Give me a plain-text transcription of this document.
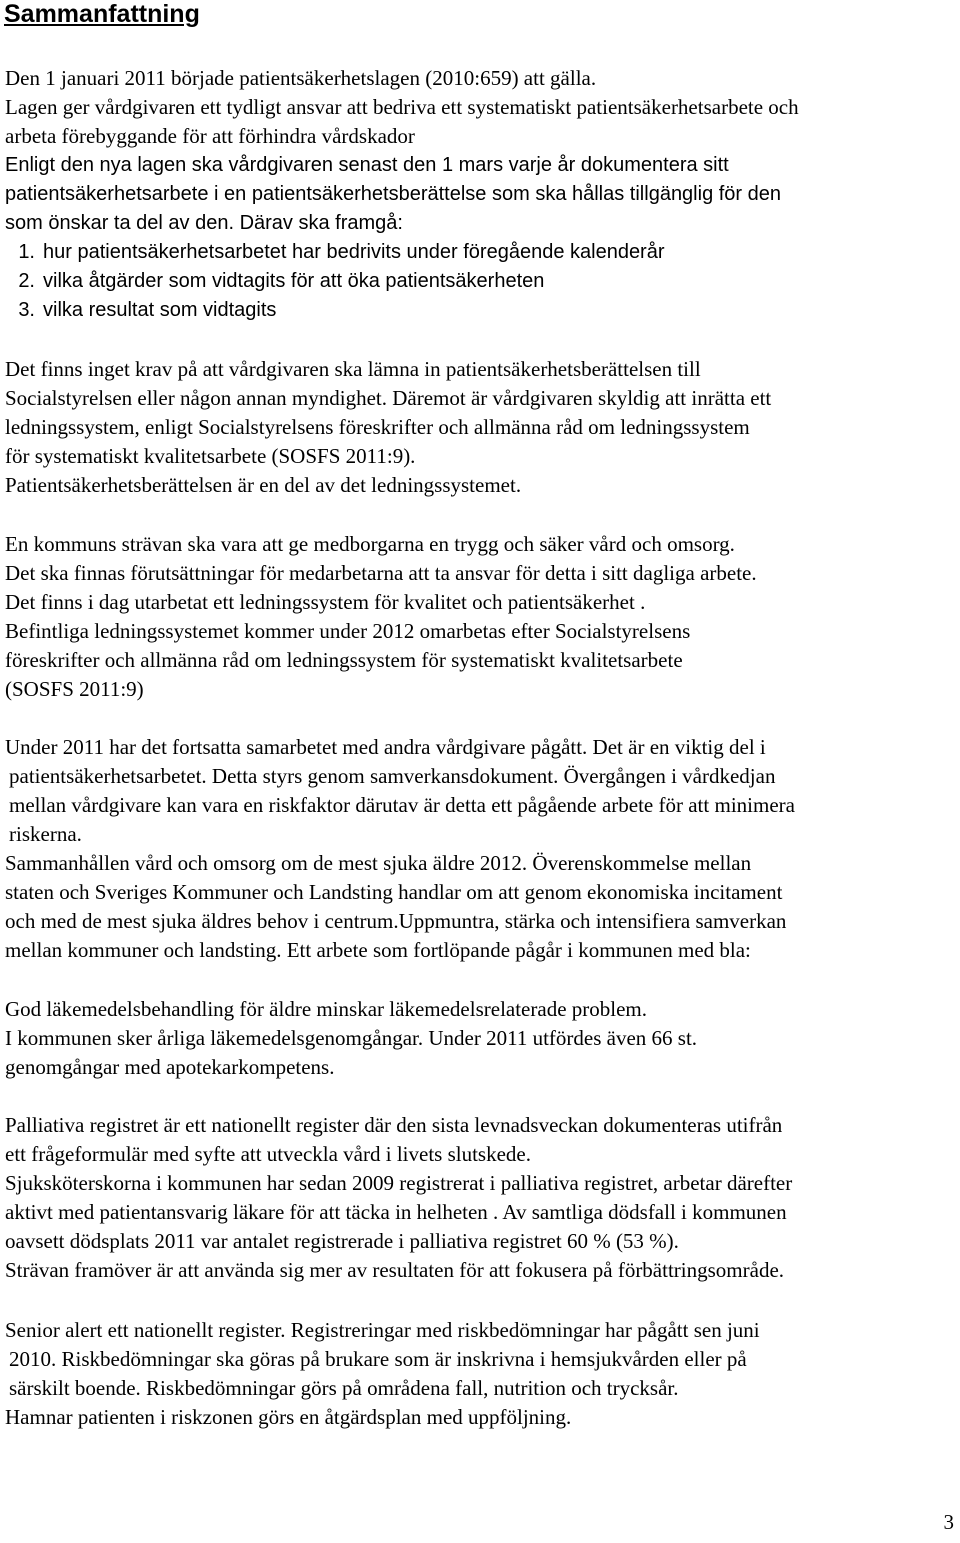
Sammanfattning
Den 1 januari 2011 började patientsäkerhetslagen (2010:659) att gälla.
Lagen ger vårdgivaren ett tydligt ansvar att bedriva ett systematiskt patientsäkerhetsarbete och
arbeta förebyggande för att förhindra vårdskador
Enligt den nya lagen ska vårdgivaren senast den 1 mars varje år dokumentera sitt
patientsäkerhetsarbete i en patientsäkerhetsberättelse som ska hållas tillgänglig för den
som önskar ta del av den. Därav ska framgå:
1. hur patientsäkerhetsarbetet har bedrivits under föregående kalenderår
2. vilka åtgärder som vidtagits för att öka patientsäkerheten
3. vilka resultat som vidtagits
Det finns inget krav på att vårdgivaren ska lämna in patientsäkerhetsberättelsen till
Socialstyrelsen eller någon annan myndighet. Däremot är vårdgivaren skyldig att inrätta ett
ledningssystem, enligt Socialstyrelsens föreskrifter och allmänna råd om ledningssystem
för systematiskt kvalitetsarbete (SOSFS 2011:9).
Patientsäkerhetsberättelsen är en del av det ledningssystemet.
En kommuns strävan ska vara att ge medborgarna en trygg och säker vård och omsorg.
Det ska finnas förutsättningar för medarbetarna att ta ansvar för detta i sitt dagliga arbete.
Det finns i dag utarbetat ett ledningssystem för kvalitet och patientsäkerhet .
Befintliga ledningssystemet kommer under 2012 omarbetas efter Socialstyrelsens
föreskrifter och allmänna råd om ledningssystem för systematiskt kvalitetsarbete
(SOSFS 2011:9)
Under 2011 har det fortsatta samarbetet med andra vårdgivare pågått. Det är en viktig del i
patientsäkerhetsarbetet. Detta styrs genom samverkansdokument. Övergången i vårdkedjan
mellan vårdgivare kan vara en riskfaktor därutav är detta ett pågående arbete för att minimera
riskerna.
Sammanhållen vård och omsorg om de mest sjuka äldre 2012. Överenskommelse mellan
staten och Sveriges Kommuner och Landsting handlar om att genom ekonomiska incitament
och med de mest sjuka äldres behov i centrum.Uppmuntra, stärka och intensifiera samverkan
mellan kommuner och landsting. Ett arbete som fortlöpande pågår i kommunen med bla:
God läkemedelsbehandling för äldre minskar läkemedelsrelaterade problem.
I kommunen sker årliga läkemedelsgenomgångar. Under 2011 utfördes även 66 st.
genomgångar med apotekarkompetens.
Palliativa registret är ett nationellt register där den sista levnadsveckan dokumenteras utifrån
ett frågeformulär med syfte att utveckla vård i livets slutskede.
Sjuksköterskorna i kommunen har sedan 2009 registrerat i palliativa registret, arbetar därefter
aktivt med patientansvarig läkare för att täcka in helheten . Av samtliga dödsfall i kommunen
oavsett dödsplats 2011 var antalet registrerade i palliativa registret 60 % (53 %).
Strävan framöver är att använda sig mer av resultaten för att fokusera på förbättringsområde.
Senior alert ett nationellt register. Registreringar med riskbedömningar har pågått sen juni
2010. Riskbedömningar ska göras på brukare som är inskrivna i hemsjukvården eller på
särskilt boende. Riskbedömningar görs på områdena fall, nutrition och trycksår.
Hamnar patienten i riskzonen görs en åtgärdsplan med uppföljning.
3
